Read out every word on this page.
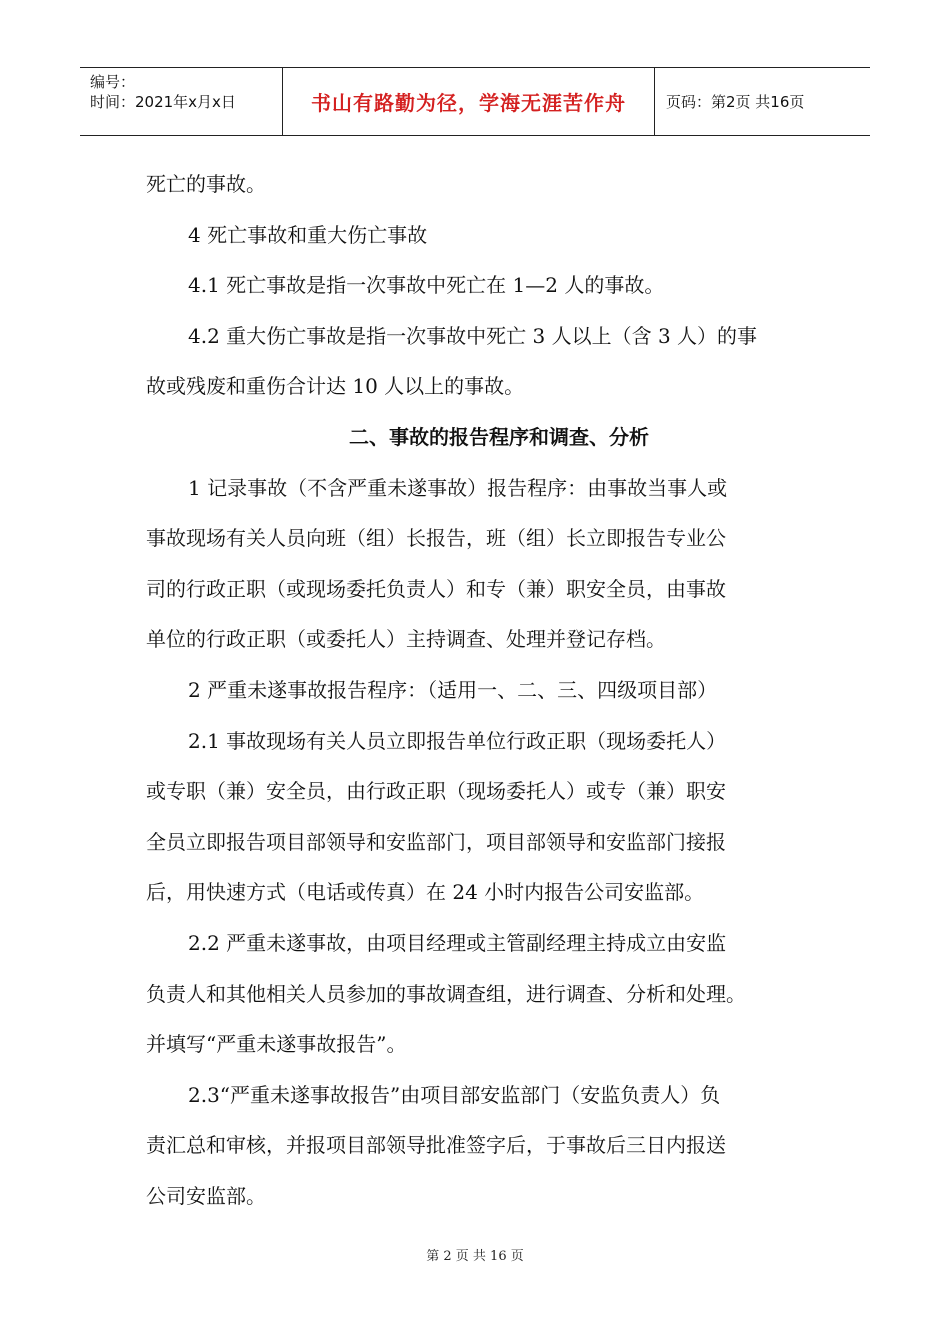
编号：
时间：2021年x月x日	书山有路勤为径，学海无涯苦作舟	页码：第2页 共16页

死亡的事故。

4 死亡事故和重大伤亡事故

4.1 死亡事故是指一次事故中死亡在 1—2 人的事故。

4.2 重大伤亡事故是指一次事故中死亡 3 人以上（含 3 人）的事

故或残废和重伤合计达 10 人以上的事故。

二、事故的报告程序和调查、分析

1 记录事故（不含严重未遂事故）报告程序：由事故当事人或

事故现场有关人员向班（组）长报告，班（组）长立即报告专业公

司的行政正职（或现场委托负责人）和专（兼）职安全员，由事故

单位的行政正职（或委托人）主持调查、处理并登记存档。

2 严重未遂事故报告程序：（适用一、二、三、四级项目部）

2.1 事故现场有关人员立即报告单位行政正职（现场委托人）

或专职（兼）安全员，由行政正职（现场委托人）或专（兼）职安

全员立即报告项目部领导和安监部门，项目部领导和安监部门接报

后，用快速方式（电话或传真）在 24 小时内报告公司安监部。

2.2 严重未遂事故，由项目经理或主管副经理主持成立由安监

负责人和其他相关人员参加的事故调查组，进行调查、分析和处理。

并填写“严重未遂事故报告”。

2.3“严重未遂事故报告”由项目部安监部门（安监负责人）负

责汇总和审核，并报项目部领导批准签字后，于事故后三日内报送

公司安监部。

第 2 页 共 16 页
